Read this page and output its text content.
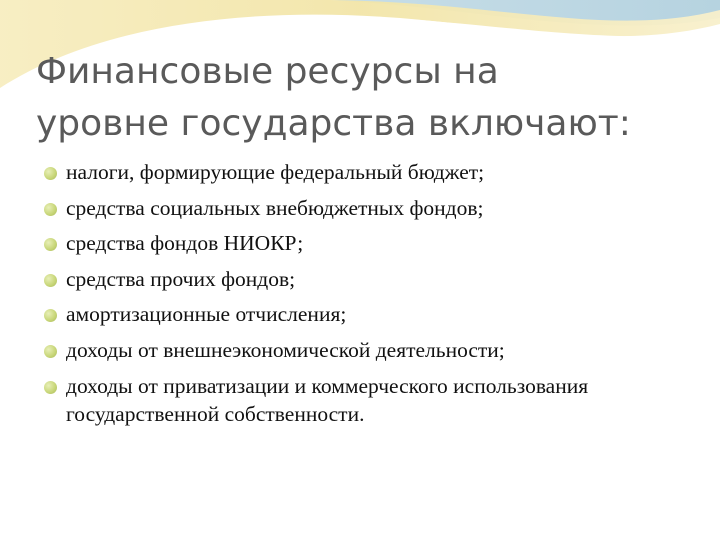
Финансовые ресурсы на
уровне государства включают:
налоги, формирующие федеральный бюджет;
средства социальных внебюджетных фондов;
средства фондов НИОКР;
средства прочих фондов;
амортизационные отчисления;
доходы от внешнеэкономической деятельности;
доходы от приватизации и коммерческого использования государственной собственности.
